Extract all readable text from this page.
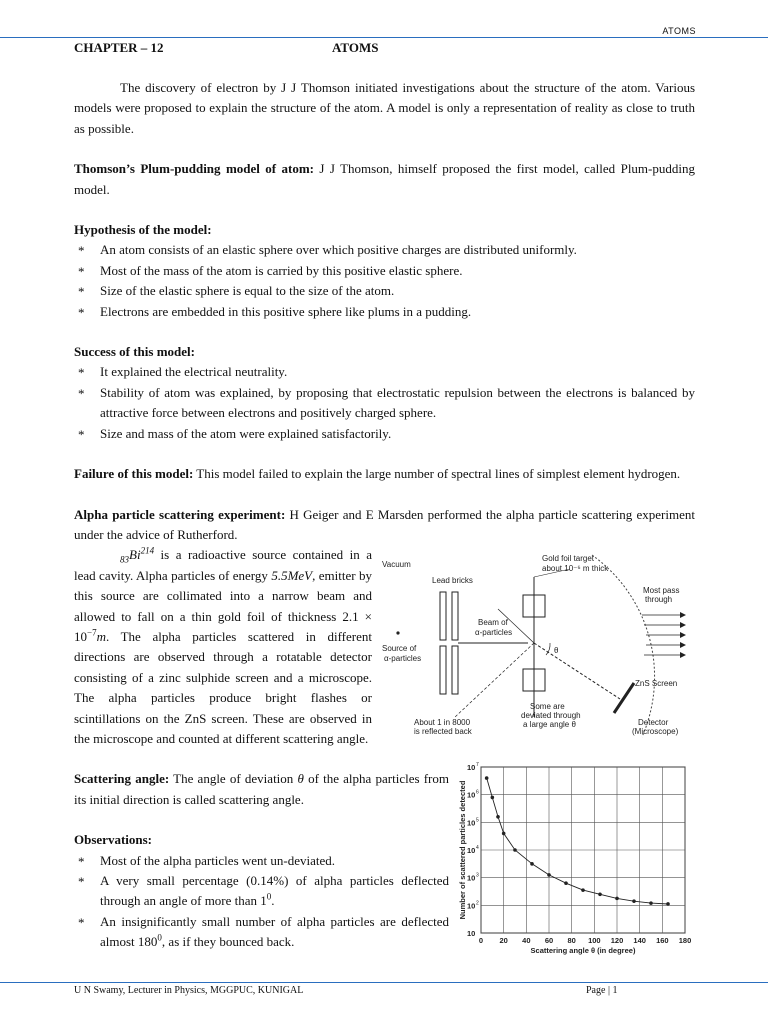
ATOMS
CHAPTER – 12	ATOMS

The discovery of electron by J J Thomson initiated investigations about the structure of the atom. Various models were proposed to explain the structure of the atom. A model is only a representation of reality as close to truth as possible.

Thomson’s Plum-pudding model of atom: J J Thomson, himself proposed the first model, called Plum-pudding model.

Hypothesis of the model:

* An atom consists of an elastic sphere over which positive charges are distributed uniformly.
* Most of the mass of the atom is carried by this positive elastic sphere.
* Size of the elastic sphere is equal to the size of the atom.
* Electrons are embedded in this positive sphere like plums in a pudding.

Success of this model:

* It explained the electrical neutrality.
* Stability of atom was explained, by proposing that electrostatic repulsion between the electrons is balanced by attractive force between electrons and positively charged sphere.
* Size and mass of the atom were explained satisfactorily.

Failure of this model: This model failed to explain the large number of spectral lines of simplest element hydrogen.

Alpha particle scattering experiment: H Geiger and E Marsden performed the alpha particle scattering experiment under the advice of Rutherford.

Vacuum
Lead bricks
Gold foil target
about 10⁻⁶ m thick
Most pass
through
Source of
α-particles
Beam of
α-particles
θ
ZnS Screen
Some are
deviated through
a large angle θ
About 1 in 8000
is reflected back
Detector
(Microscope)

$_{83}Bi^{214}$ is a radioactive source contained in a lead cavity. Alpha particles of energy 5.5MeV, emitter by this source are collimated into a narrow beam and allowed to fall on a thin gold foil of thickness $2.1 \times 10^{-7}m$. The alpha particles scattered in different directions are observed through a rotatable detector consisting of a zinc sulphide screen and a microscope. The alpha particles produce bright flashes or scintillations on the ZnS screen. These are observed in the microscope and counted at different scattering angle.

0 20 40 60 80 100 120 140 160 180
10
10 2
10 3
10 4
10 5
10 6
10 7
Scattering angle θ (in degree)
Number of scattered particles detected

Scattering angle: The angle of deviation θ of the alpha particles from its initial direction is called scattering angle.

Observations:

* Most of the alpha particles went un-deviated.
* A very small percentage (0.14%) of alpha particles deflected through an angle of more than $1^0$.
* An insignificantly small number of alpha particles are deflected almost $180^0$, as if they bounced back.
U N Swamy, Lecturer in Physics, MGGPUC, KUNIGAL	Page | 1
